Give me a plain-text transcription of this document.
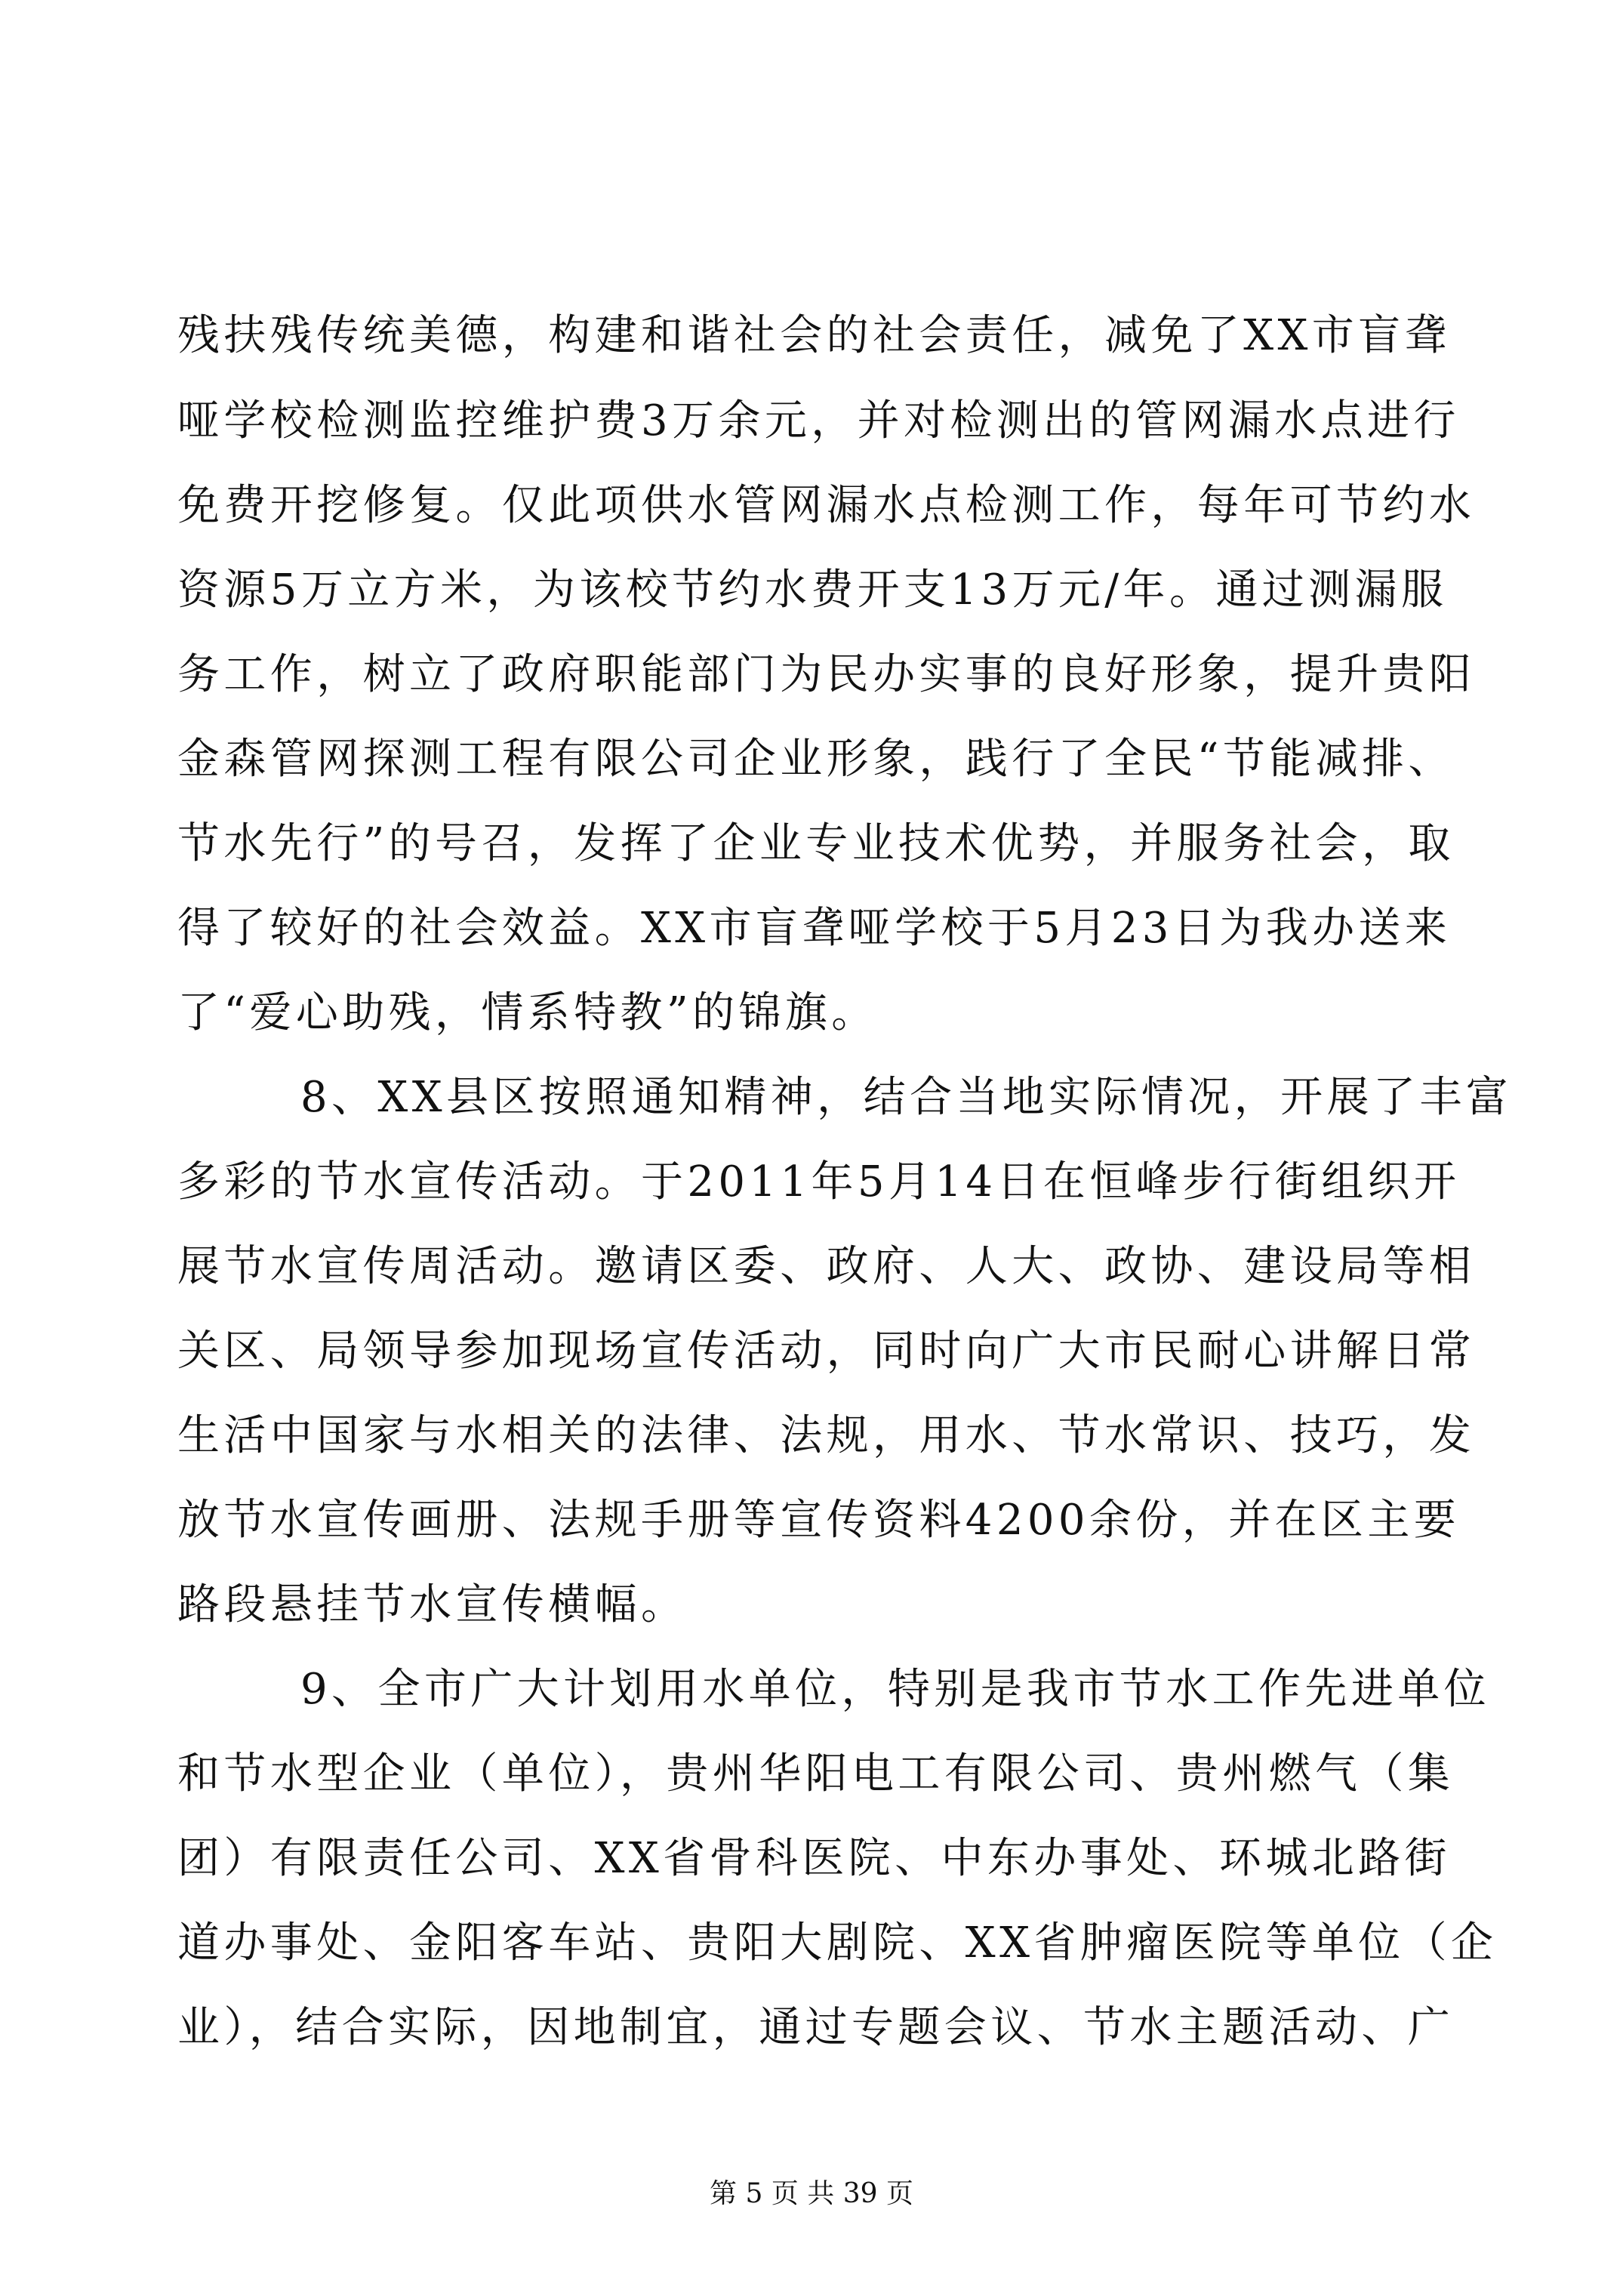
残扶残传统美德，构建和谐社会的社会责任，减免了XX市盲聋
哑学校检测监控维护费3万余元，并对检测出的管网漏水点进行
免费开挖修复。仅此项供水管网漏水点检测工作，每年可节约水
资源5万立方米，为该校节约水费开支13万元/年。通过测漏服
务工作，树立了政府职能部门为民办实事的良好形象，提升贵阳
金森管网探测工程有限公司企业形象，践行了全民“节能减排、
节水先行”的号召，发挥了企业专业技术优势，并服务社会，取
得了较好的社会效益。XX市盲聋哑学校于5月23日为我办送来
了“爱心助残，情系特教”的锦旗。
8、XX县区按照通知精神，结合当地实际情况，开展了丰富
多彩的节水宣传活动。于2011年5月14日在恒峰步行街组织开
展节水宣传周活动。邀请区委、政府、人大、政协、建设局等相
关区、局领导参加现场宣传活动，同时向广大市民耐心讲解日常
生活中国家与水相关的法律、法规，用水、节水常识、技巧，发
放节水宣传画册、法规手册等宣传资料4200余份，并在区主要
路段悬挂节水宣传横幅。
9、全市广大计划用水单位，特别是我市节水工作先进单位
和节水型企业（单位），贵州华阳电工有限公司、贵州燃气（集
团）有限责任公司、XX省骨科医院、中东办事处、环城北路街
道办事处、金阳客车站、贵阳大剧院、XX省肿瘤医院等单位（企
业），结合实际，因地制宜，通过专题会议、节水主题活动、广
第 5 页 共 39 页
